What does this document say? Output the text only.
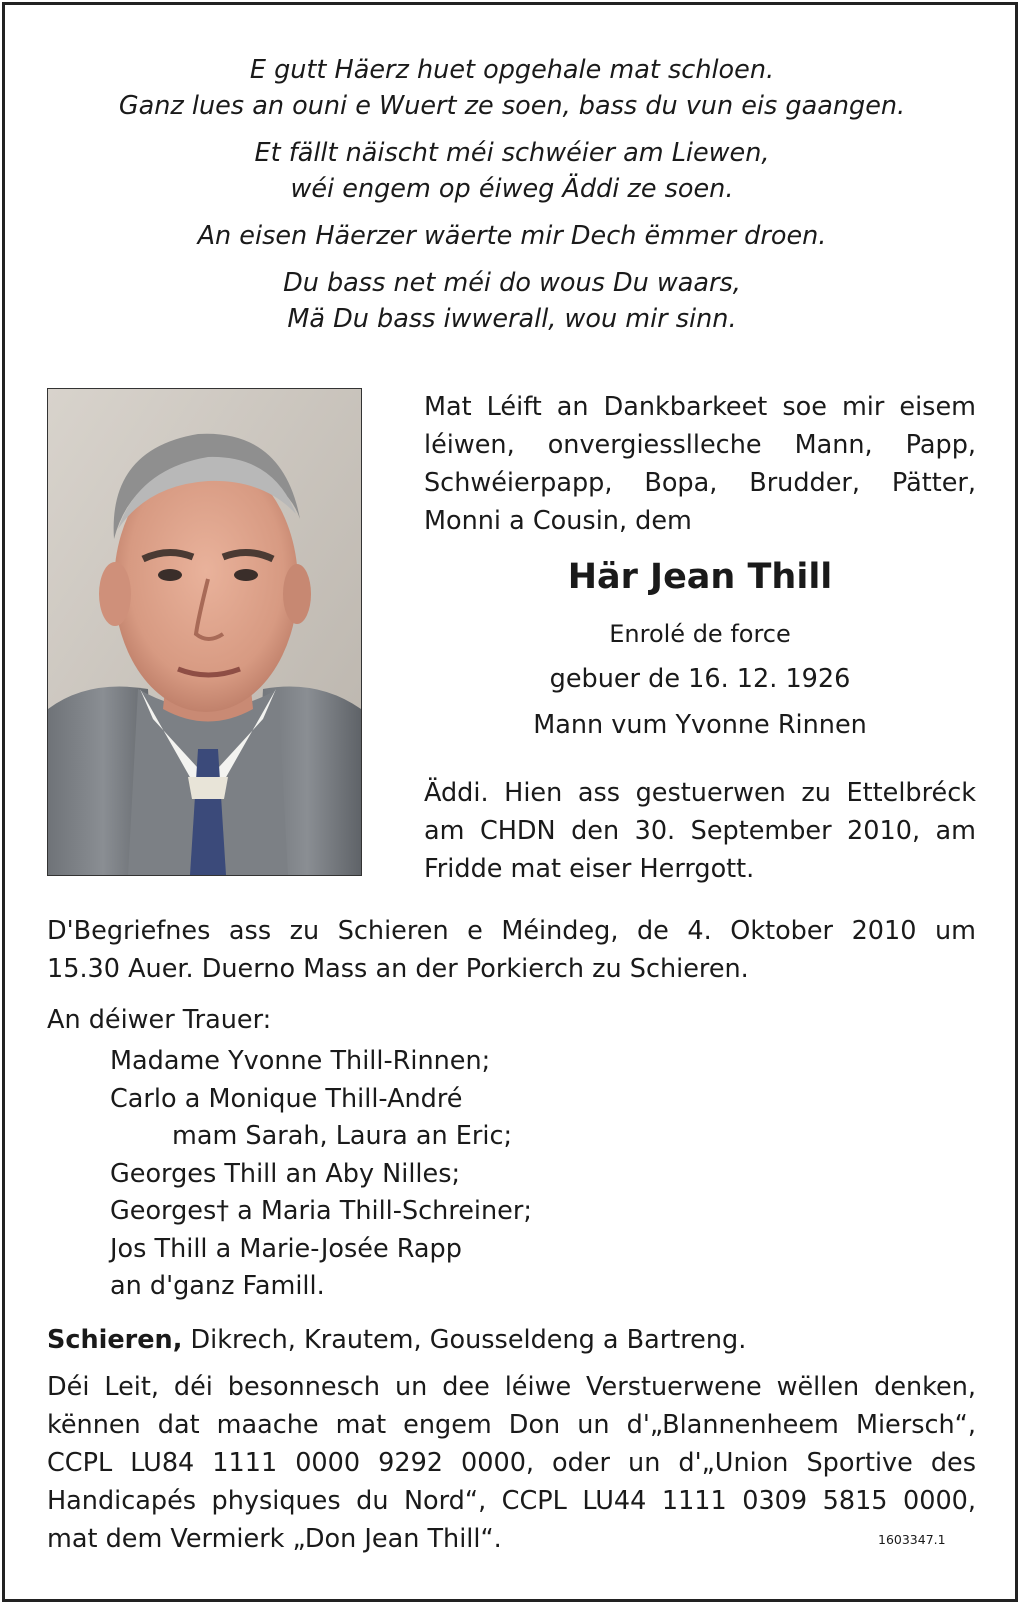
E gutt Häerz huet opgehale mat schloen.
Ganz lues an ouni e Wuert ze soen, bass du vun eis gaangen.
Et fällt näischt méi schwéier am Liewen,
wéi engem op éiweg Äddi ze soen.
An eisen Häerzer wäerte mir Dech ëmmer droen.
Du bass net méi do wous Du waars,
Mä Du bass iwwerall, wou mir sinn.
Mat Léift an Dankbarkeet soe mir eisem
léiwen, onvergiesslleche Mann, Papp,
Schwéierpapp, Bopa, Brudder, Pätter,
Monni a Cousin, dem
Här Jean Thill
Enrolé de force
gebuer de 16. 12. 1926
Mann vum Yvonne Rinnen
Äddi. Hien ass gestuerwen zu Ettelbréck
am CHDN den 30. September 2010, am
Fridde mat eiser Herrgott.
D'Begriefnes ass zu Schieren e Méindeg, de 4. Oktober 2010 um
15.30 Auer. Duerno Mass an der Porkierch zu Schieren.
An déiwer Trauer:
Madame Yvonne Thill-Rinnen;
Carlo a Monique Thill-André
mam Sarah, Laura an Eric;
Georges Thill an Aby Nilles;
Georges† a Maria Thill-Schreiner;
Jos Thill a Marie-Josée Rapp
an d'ganz Famill.
Schieren, Dikrech, Krautem, Gousseldeng a Bartreng.
Déi Leit, déi besonnesch un dee léiwe Verstuerwene wëllen denken,
kënnen dat maache mat engem Don un d'„Blannenheem Miersch“,
CCPL LU84 1111 0000 9292 0000, oder un d'„Union Sportive des
Handicapés physiques du Nord“, CCPL LU44 1111 0309 5815 0000,
mat dem Vermierk „Don Jean Thill“.	1603347.1
